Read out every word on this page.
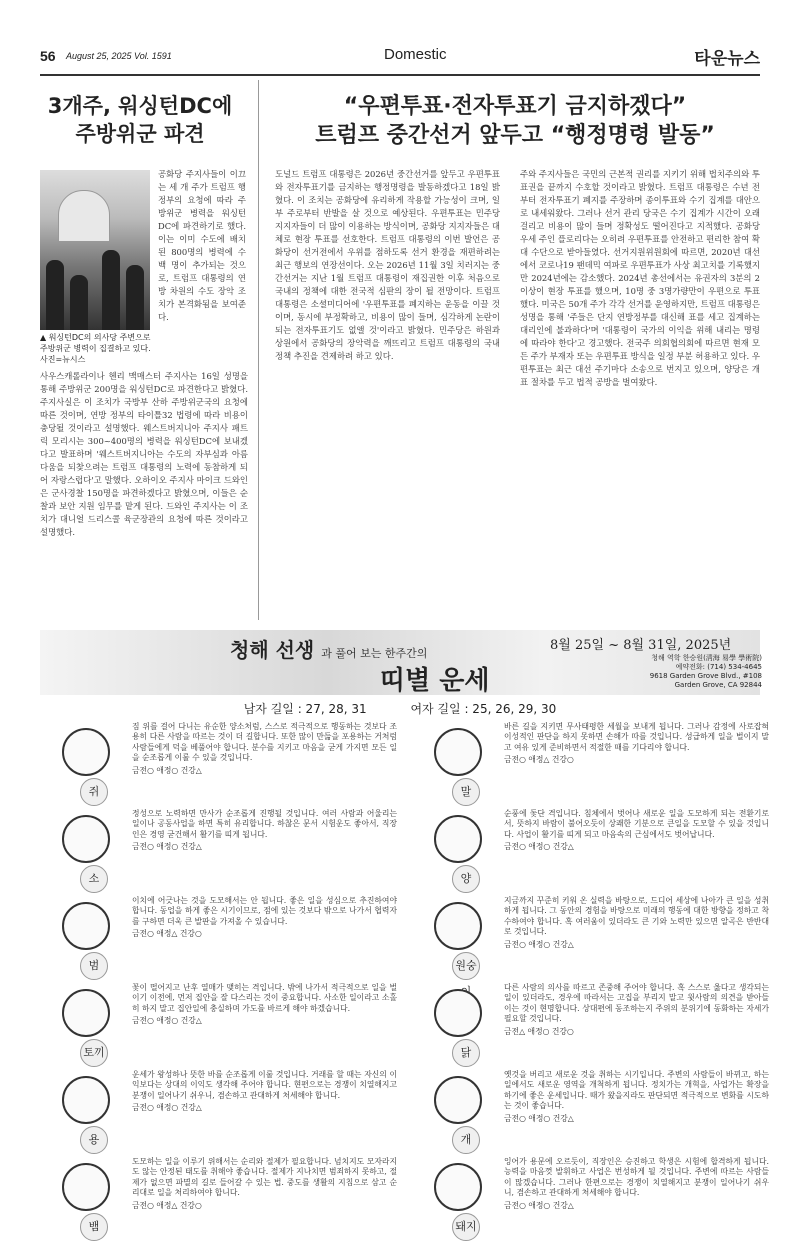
56 August 25, 2025 Vol. 1591	Domestic	타운뉴스
3개주, 워싱턴DC에
주방위군 파견
“우편투표·전자투표기 금지하겠다”
트럼프 중간선거 앞두고 “행정명령 발동”
▲ 워싱턴DC의 의사당 주변으로 주방위군 병력이 집결하고 있다. 사진=뉴시스
공화당 주지사들이 이끄는 세 개 주가 트럼프 행정부의 요청에 따라 주방위군 병력을 워싱턴DC에 파견하기로 했다. 이는 이미 수도에 배치된 800명의 병력에 수백 명이 추가되는 것으로, 트럼프 대통령의 연방 차원의 수도 장악 조치가 본격화됨을 보여준다.
사우스캐롤라이나 헨리 맥매스터 주지사는 16일 성명을 통해 주방위군 200명을 워싱턴DC로 파견한다고 밝혔다. 주지사실은 이 조치가 국방부 산하 주방위군국의 요청에 따른 것이며, 연방 정부의 타이틀32 법령에 따라 비용이 충당될 것이라고 설명했다. 웨스트버지니아 주지사 패트릭 모리시는 300~400명의 병력을 워싱턴DC에 보내겠다고 발표하며 '웨스트버지니아는 수도의 자부심과 아름다움을 되찾으려는 트럼프 대통령의 노력에 동참하게 되어 자랑스럽다'고 말했다. 오하이오 주지사 마이크 드와인은 군사경찰 150명을 파견하겠다고 밝혔으며, 이들은 순찰과 보안 지원 임무를 맡게 된다. 드와인 주지사는 이 조치가 대니얼 드리스콜 육군장관의 요청에 따른 것이라고 설명했다.
도널드 트럼프 대통령은 2026년 중간선거를 앞두고 우편투표와 전자투표기를 금지하는 행정명령을 발동하겠다고 18일 밝혔다. 이 조치는 공화당에 유리하게 작용할 가능성이 크며, 일부 주로부터 반발을 살 것으로 예상된다. 우편투표는 민주당 지지자들이 더 많이 이용하는 방식이며, 공화당 지지자들은 대체로 현장 투표를 선호한다. 트럼프 대통령의 이번 발언은 공화당이 선거전에서 우위를 점하도록 선거 환경을 재편하려는 최근 행보의 연장선이다. 오는 2026년 11월 3일 치러지는 중간선거는 지난 1월 트럼프 대통령이 재집권한 이후 처음으로 국내의 정책에 대한 전국적 심판의 장이 될 전망이다. 트럼프 대통령은 소셜미디어에 '우편투표를 폐지하는 운동을 이끌 것이며, 동시에 부정확하고, 비용이 많이 들며, 심각하게 논란이 되는 전자투표기도 없앨 것'이라고 밝혔다. 민주당은 하원과 상원에서 공화당의 장악력을 깨뜨리고 트럼프 대통령의 국내 정책 추진을 견제하려 하고 있다.
주와 주지사들은 국민의 근본적 권리를 지키기 위해 법치주의와 투표권을 끝까지 수호할 것이라고 밝혔다. 트럼프 대통령은 수년 전부터 전자투표기 폐지를 주장하며 종이투표와 수기 집계를 대안으로 내세워왔다. 그러나 선거 관리 당국은 수기 집계가 시간이 오래 걸리고 비용이 많이 들며 정확성도 떨어진다고 지적했다. 공화당 우세 주인 플로리다는 오히려 우편투표를 안전하고 편리한 참여 확대 수단으로 받아들였다. 선거지원위원회에 따르면, 2020년 대선에서 코로나19 팬데믹 여파로 우편투표가 사상 최고치를 기록했지만 2024년에는 감소했다. 2024년 총선에서는 유권자의 3분의 2 이상이 현장 투표를 했으며, 10명 중 3명가량만이 우편으로 투표했다. 미국은 50개 주가 각각 선거를 운영하지만, 트럼프 대통령은 성명을 통해 '주들은 단지 연방정부를 대신해 표를 세고 집계하는 대리인에 불과하다'며 '대통령이 국가의 이익을 위해 내리는 명령에 따라야 한다'고 경고했다. 전국주 의회협의회에 따르면 현재 모든 주가 부재자 또는 우편투표 방식을 일정 부분 허용하고 있다. 우편투표는 최근 대선 주기마다 소송으로 번지고 있으며, 양당은 개표 절차를 두고 법적 공방을 벌여왔다.
청해 선생 과 풀어 보는 한주간의
띠별 운세
8월 25일 ~ 8월 31일, 2025년
청해 역학 한승원(淸海 易學 學術院)
예약전화: (714) 534-4645
9618 Garden Grove Blvd., #108
Garden Grove, CA 92844
남자 길일 : 27, 28, 31	여자 길일 : 25, 26, 29, 30
쥐
짐 위를 걸어 다니는 유순한 양소처럼, 스스로 적극적으로 행동하는 것보다 조용히 다른 사람을 따르는 것이 더 길합니다. 또한 많이 만듦을 포용하는 거처럼 사람들에게 덕을 베풀어야 합니다. 분수를 지키고 마음을 굳게 가지면 모든 일을 순조롭게 이룰 수 있을 것입니다.
금전○ 애정○ 건강△
말
바른 길을 지키면 무사태평한 세월을 보내게 됩니다. 그러나 감정에 사로잡혀 이성적인 판단을 하지 못하면 손해가 따를 것입니다. 성급하게 일을 벌이지 말고 여유 있게 준비하면서 적절한 때를 기다리야 합니다.
금전○ 애정△ 건강○
소
정성으로 노력하면 만사가 순조롭게 진행될 것입니다. 여러 사람과 어울리는 일이나 공동사업을 하면 특히 유리합니다. 하찮은 문서 시험운도 좋아서, 직장인은 경영 굳건해서 활기를 띠게 됩니다.
금전○ 애정○ 건강△
양
순풍에 돛단 격입니다. 침체에서 벗어나 새로운 일을 도모하게 되는 전환기로서, 뜻하지 바람이 불어오듯이 상쾌한 기분으로 큰일을 도모할 수 있을 것입니다. 사업이 활기를 띠게 되고 마음속의 근심에서도 벗어납니다.
금전○ 애정○ 건강△
범
이치에 어긋나는 것을 도모해서는 안 됩니다. 좋은 일을 성심으로 추진하여야 합니다. 동업을 하게 좋은 시기이므로, 점에 있는 것보다 밖으로 나가서 협력자를 구하면 더욱 큰 발판을 가져올 수 있습니다.
금전○ 애정△ 건강○
원숭
지금까지 꾸준히 키워 온 실력을 바탕으로, 드디어 세상에 나아가 큰 일을 성취하게 됩니다. 그 동안의 경험을 바탕으로 미래의 행동에 대한 방향을 정하고 착수하여야 합니다. 혹 여러움이 있더라도 큰 기와 노력만 있으면 알곡은 반반대로 것입니다.
금전○ 애정○ 건강△
토끼
꽃이 떨어지고 난후 열매가 맺히는 격입니다. 밖에 나가서 적극적으로 일을 벌이기 이전에, 먼저 집안을 잘 다스리는 것이 중요합니다. 사소한 일이라고 소홀히 하지 말고 집안일에 충실하며 가도를 바르게 해야 하겠습니다.
금전○ 애정○ 건강△
닭
다른 사람의 의사를 따르고 존중해 주어야 합니다. 혹 스스로 옳다고 생각되는 일이 있더라도, 경우에 따라서는 고집을 부리지 말고 윗사람의 의견을 받아들이는 것이 현명합니다. 상대편에 동조하는지 주위의 분위기에 동화하는 자세가 필요할 것입니다.
금전△ 애정○ 건강○
용
운세가 왕성하나 뜻한 바를 순조롭게 이룰 것입니다. 거래를 할 때는 자신의 이익보다는 상대의 이익도 생각해 주어야 합니다. 현편으로는 경쟁이 치열해지고 분쟁이 일어나기 쉬우니, 겸손하고 관대하게 처세해야 합니다.
금전○ 애정○ 건강△
개
옛것을 버리고 새로운 것을 취하는 시기입니다. 주변의 사람들이 바뀌고, 하는 일에서도 새로운 영역을 개척하게 됩니다. 정치가는 개혁을, 사업가는 확장을 하기에 좋은 운세입니다. 때가 왔을지라도 판단되면 적극적으로 변화를 시도하는 것이 좋습니다.
금전○ 애정○ 건강△
뱀
도모하는 일을 이루기 위해서는 순리와 절제가 필요합니다. 넘치지도 모자라지도 않는 안정된 태도를 취해야 좋습니다. 절제가 지나치면 범죄하지 못하고, 절제가 없으면 파멸의 길로 들어갈 수 있는 법. 중도를 생활의 지침으로 삼고 순리대로 일을 처리하여야 합니다.
금전○ 애정△ 건강○
돼지
잉어가 용문에 오르듯이, 직장인은 승진하고 학생은 시험에 합격하게 됩니다. 능력을 마음껏 발휘하고 사업은 번성하게 될 것입니다. 주변에 따르는 사람들이 많겠습니다. 그러나 한편으로는 경쟁이 치열해지고 분쟁이 일어나기 쉬우니, 겸손하고 관대하게 처세해야 합니다.
금전○ 애정○ 건강△
